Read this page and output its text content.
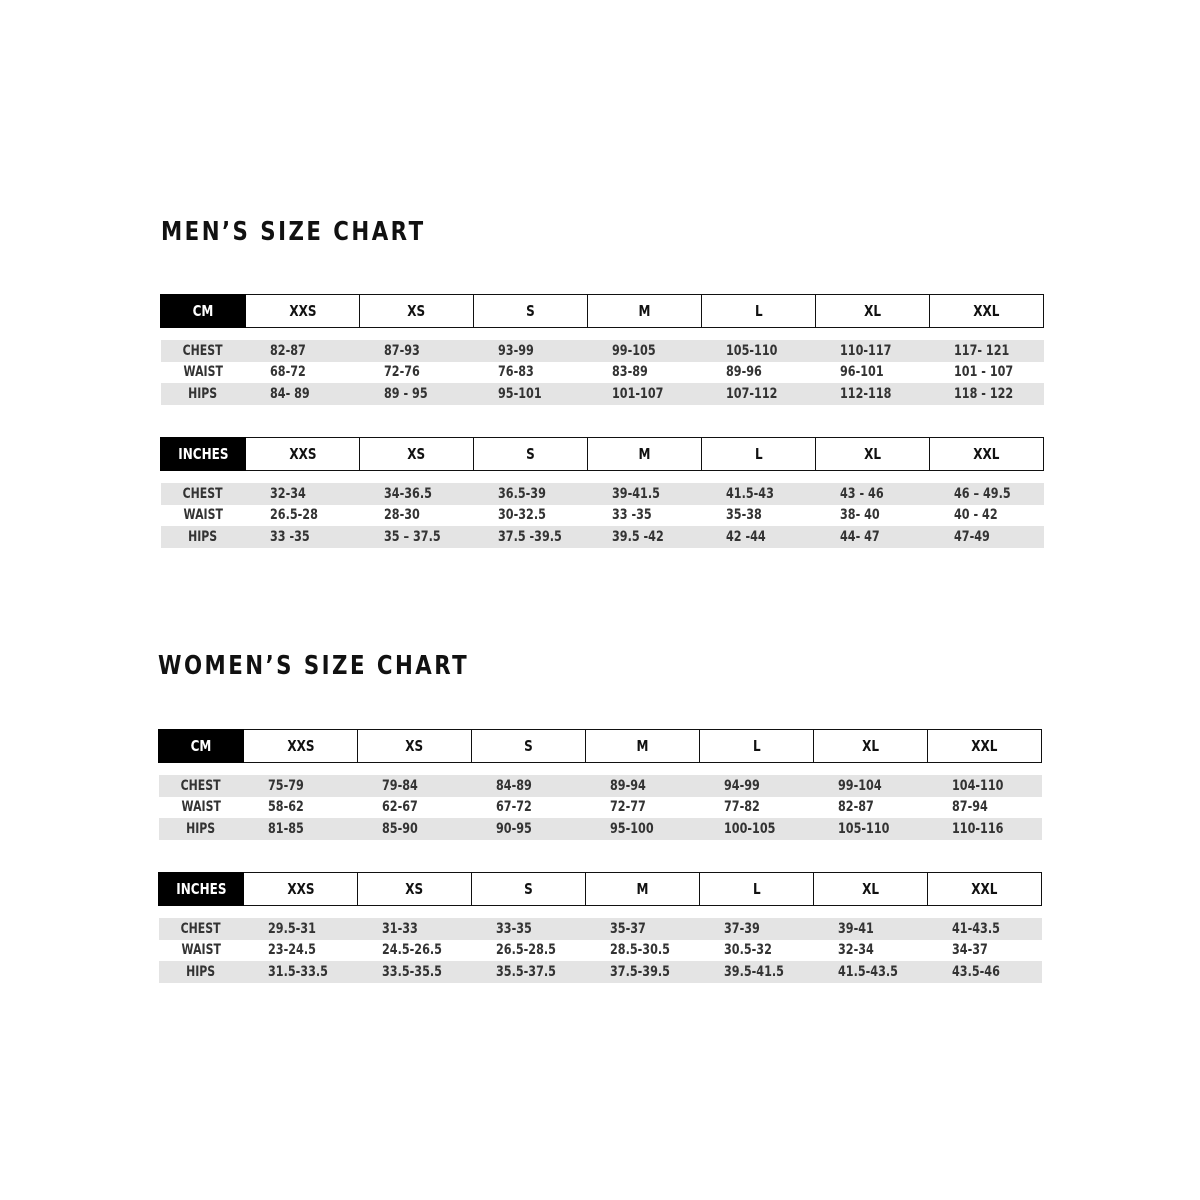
MEN’S SIZE CHART
CM	XXS	XS	S	M	L	XL	XXL

CHEST	82-87	87-93	93-99	99-105	105-110	110-117	117- 121
WAIST	68-72	72-76	76-83	83-89	89-96	96-101	101 - 107
HIPS	84- 89	89 - 95	95-101	101-107	107-112	112-118	118 - 122
INCHES	XXS	XS	S	M	L	XL	XXL

CHEST	32-34	34-36.5	36.5-39	39-41.5	41.5-43	43 - 46	46 – 49.5
WAIST	26.5-28	28-30	30-32.5	33 -35	35-38	38- 40	40 - 42
HIPS	33 -35	35 – 37.5	37.5 -39.5	39.5 -42	42 -44	44- 47	47-49
WOMEN’S SIZE CHART
CM	XXS	XS	S	M	L	XL	XXL

CHEST	75-79	79-84	84-89	89-94	94-99	99-104	104-110
WAIST	58-62	62-67	67-72	72-77	77-82	82-87	87-94
HIPS	81-85	85-90	90-95	95-100	100-105	105-110	110-116
INCHES	XXS	XS	S	M	L	XL	XXL

CHEST	29.5-31	31-33	33-35	35-37	37-39	39-41	41-43.5
WAIST	23-24.5	24.5-26.5	26.5-28.5	28.5-30.5	30.5-32	32-34	34-37
HIPS	31.5-33.5	33.5-35.5	35.5-37.5	37.5-39.5	39.5-41.5	41.5-43.5	43.5-46
